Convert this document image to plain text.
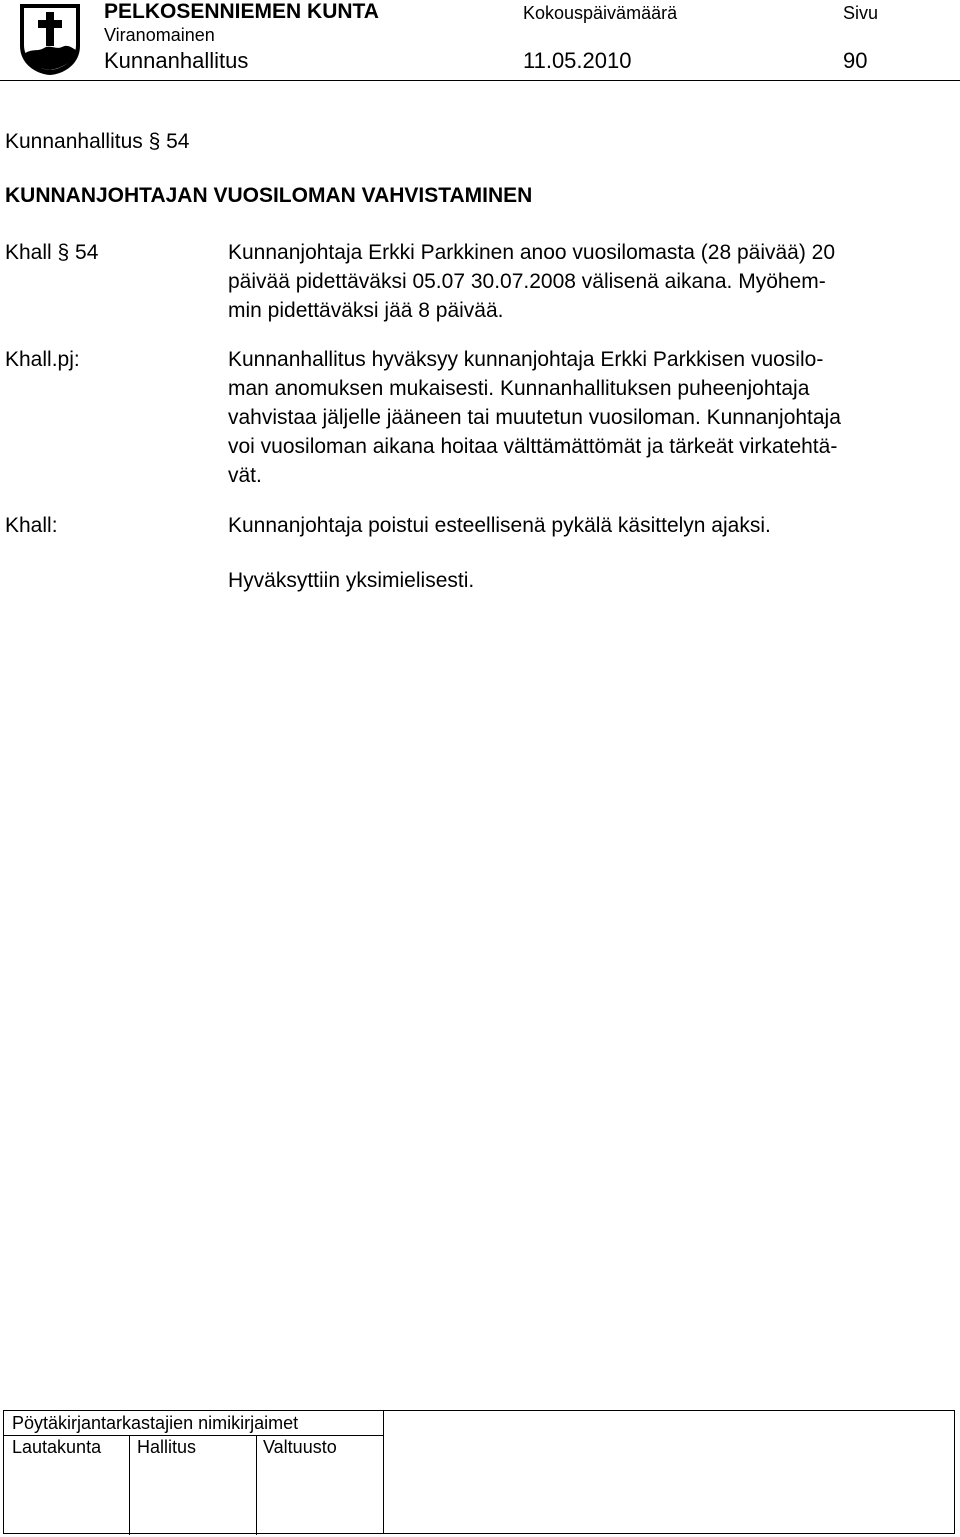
PELKOSENNIEMEN KUNTA
Viranomainen
Kunnanhallitus
Kokouspäivämäärä
11.05.2010
Sivu
90
Kunnanhallitus § 54
KUNNANJOHTAJAN VUOSILOMAN VAHVISTAMINEN
Khall § 54	Kunnanjohtaja Erkki Parkkinen anoo vuosilomasta (28 päivää) 20
päivää pidettäväksi 05.07 30.07.2008 välisenä aikana. Myöhem-
min pidettäväksi jää 8 päivää.
Khall.pj:	Kunnanhallitus hyväksyy kunnanjohtaja Erkki Parkkisen vuosilo-
man anomuksen mukaisesti. Kunnanhallituksen puheenjohtaja
vahvistaa jäljelle jääneen tai muutetun vuosiloman. Kunnanjohtaja
voi vuosiloman aikana hoitaa välttämättömät ja tärkeät virkatehtä-
vät.
Khall:	Kunnanjohtaja poistui esteellisenä pykälä käsittelyn ajaksi.
Hyväksyttiin yksimielisesti.
Pöytäkirjantarkastajien nimikirjaimet
Lautakunta Hallitus	Valtuusto
